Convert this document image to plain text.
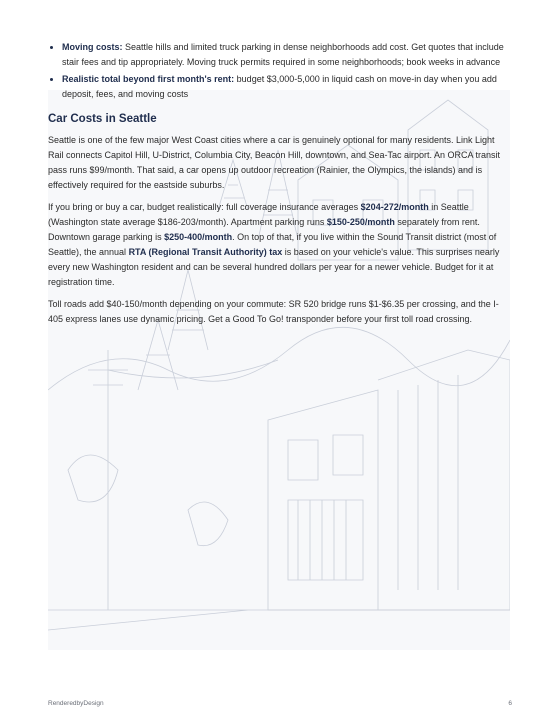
• Moving costs: Seattle hills and limited truck parking in dense neighborhoods add cost. Get quotes that include stair fees and tip appropriately. Moving truck permits required in some neighborhoods; book weeks in advance
• Realistic total beyond first month's rent: budget $3,000-5,000 in liquid cash on move-in day when you add deposit, fees, and moving costs
Car Costs in Seattle

Seattle is one of the few major West Coast cities where a car is genuinely optional for many residents. Link Light Rail connects Capitol Hill, U-District, Columbia City, Beacon Hill, downtown, and Sea-Tac airport. An ORCA transit pass runs $99/month. That said, a car opens up outdoor recreation (Rainier, the Olympics, the islands) and is effectively required for the eastside suburbs.

If you bring or buy a car, budget realistically: full coverage insurance averages $204-272/month in Seattle (Washington state average $186-203/month). Apartment parking runs $150-250/month separately from rent. Downtown garage parking is $250-400/month. On top of that, if you live within the Sound Transit district (most of Seattle), the annual RTA (Regional Transit Authority) tax is based on your vehicle's value. This surprises nearly every new Washington resident and can be several hundred dollars per year for a newer vehicle. Budget for it at registration time.

Toll roads add $40-150/month depending on your commute: SR 520 bridge runs $1-$6.35 per crossing, and the I-405 express lanes use dynamic pricing. Get a Good To Go! transponder before your first toll road crossing.

RenderedbyDesign	6
